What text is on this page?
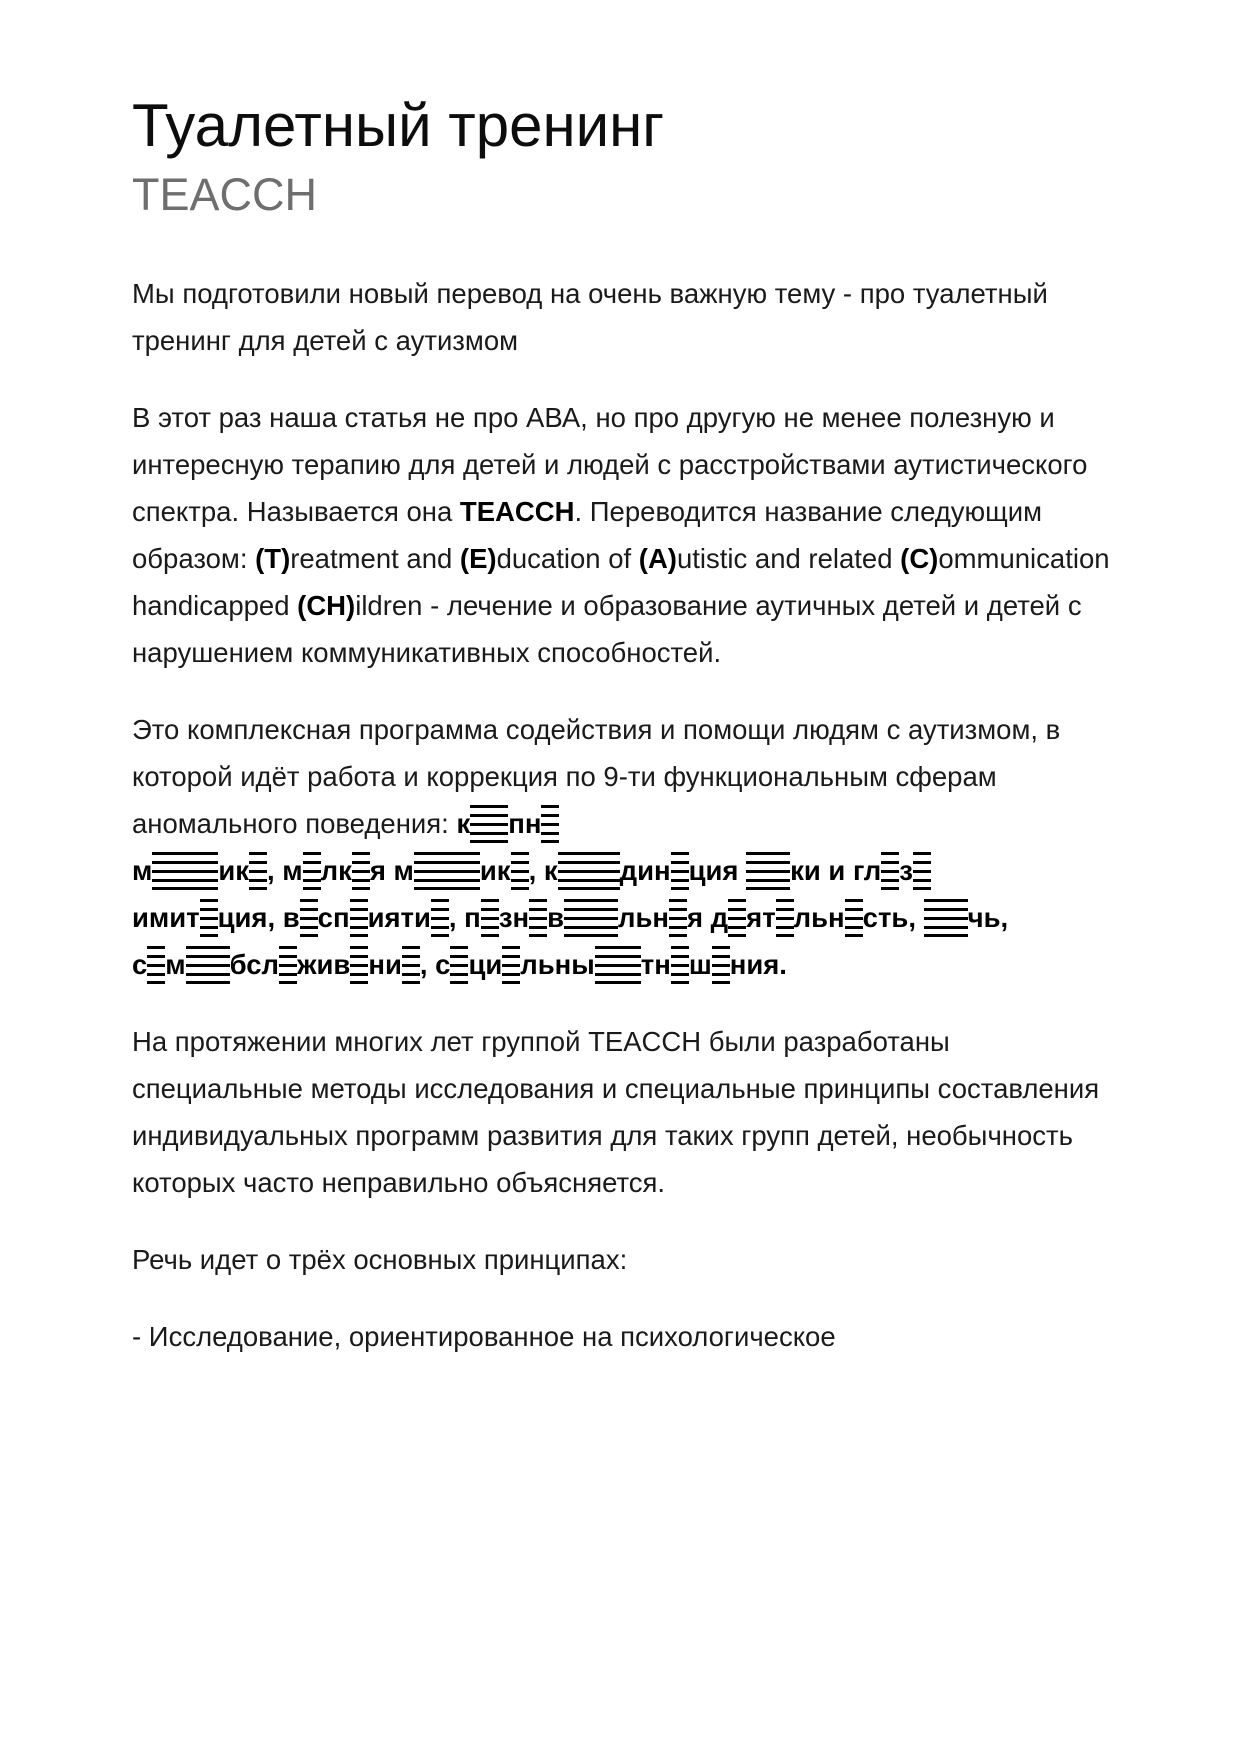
Туалетный тренинг
TEACCH

Мы подготовили новый перевод на очень важную тему - про туалетный тренинг для детей с аутизмом

В этот раз наша статья не про АВА, но про другую не менее полезную и интересную терапию для детей и людей с расстройствами аутистического спектра. Называется она TEACCH. Переводится название следующим образом: (T)reatment and (E)ducation of (A)utistic and related (C)ommunication handicapped (CH)ildren - лечение и образование аутичных детей и детей с нарушением коммуникативных способностей.

Это комплексная программа содействия и помощи людям с аутизмом, в которой идёт работа и коррекция по 9-ти функциональным сферам аномального поведения: к пн
м ик , м лк я м ик , к дин ция ки и гл з
имит ция, в сп ияти , п зн в льн я д ят льн сть, чь,
с м бсл жив ни , с ци льны тн ш ния.

На протяжении многих лет группой TEACCH были разработаны специальные методы исследования и специальные принципы составления индивидуальных программ развития для таких групп детей, необычность которых часто неправильно объясняется.

Речь идет о трёх основных принципах:

- Исследование, ориентированное на психологическое
